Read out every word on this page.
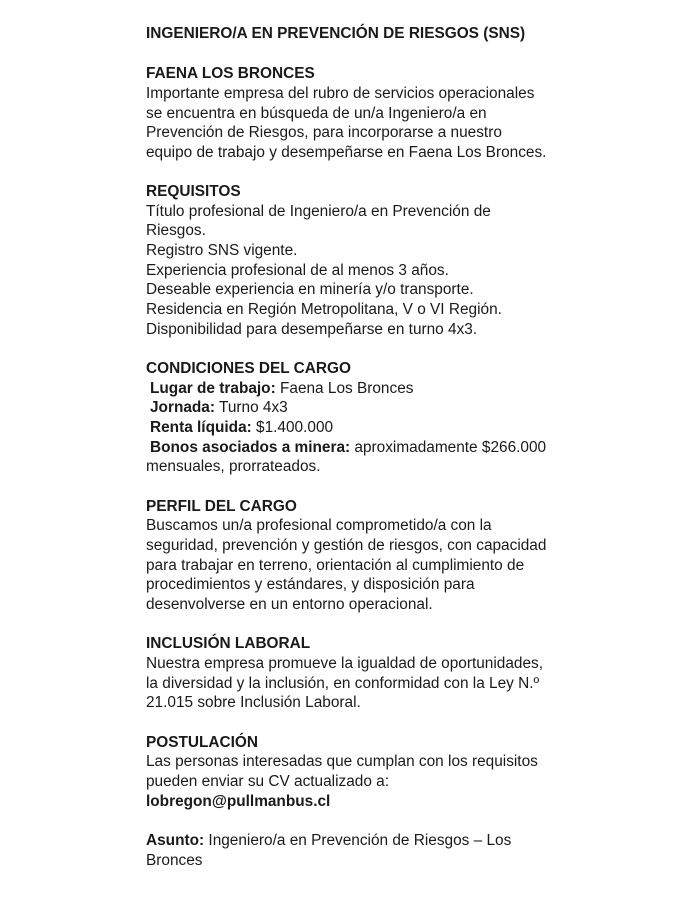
INGENIERO/A EN PREVENCIÓN DE RIESGOS (SNS)
FAENA LOS BRONCES
Importante empresa del rubro de servicios operacionales
se encuentra en búsqueda de un/a Ingeniero/a en
Prevención de Riesgos, para incorporarse a nuestro
equipo de trabajo y desempeñarse en Faena Los Bronces.
REQUISITOS
Título profesional de Ingeniero/a en Prevención de
Riesgos.
Registro SNS vigente.
Experiencia profesional de al menos 3 años.
Deseable experiencia en minería y/o transporte.
Residencia en Región Metropolitana, V o VI Región.
Disponibilidad para desempeñarse en turno 4x3.
CONDICIONES DEL CARGO
Lugar de trabajo: Faena Los Bronces
Jornada: Turno 4x3
Renta líquida: $1.400.000
Bonos asociados a minera: aproximadamente $266.000
mensuales, prorrateados.
PERFIL DEL CARGO
Buscamos un/a profesional comprometido/a con la
seguridad, prevención y gestión de riesgos, con capacidad
para trabajar en terreno, orientación al cumplimiento de
procedimientos y estándares, y disposición para
desenvolverse en un entorno operacional.
INCLUSIÓN LABORAL
Nuestra empresa promueve la igualdad de oportunidades,
la diversidad y la inclusión, en conformidad con la Ley N.º
21.015 sobre Inclusión Laboral.
POSTULACIÓN
Las personas interesadas que cumplan con los requisitos
pueden enviar su CV actualizado a:
lobregon@pullmanbus.cl
Asunto: Ingeniero/a en Prevención de Riesgos – Los
Bronces
